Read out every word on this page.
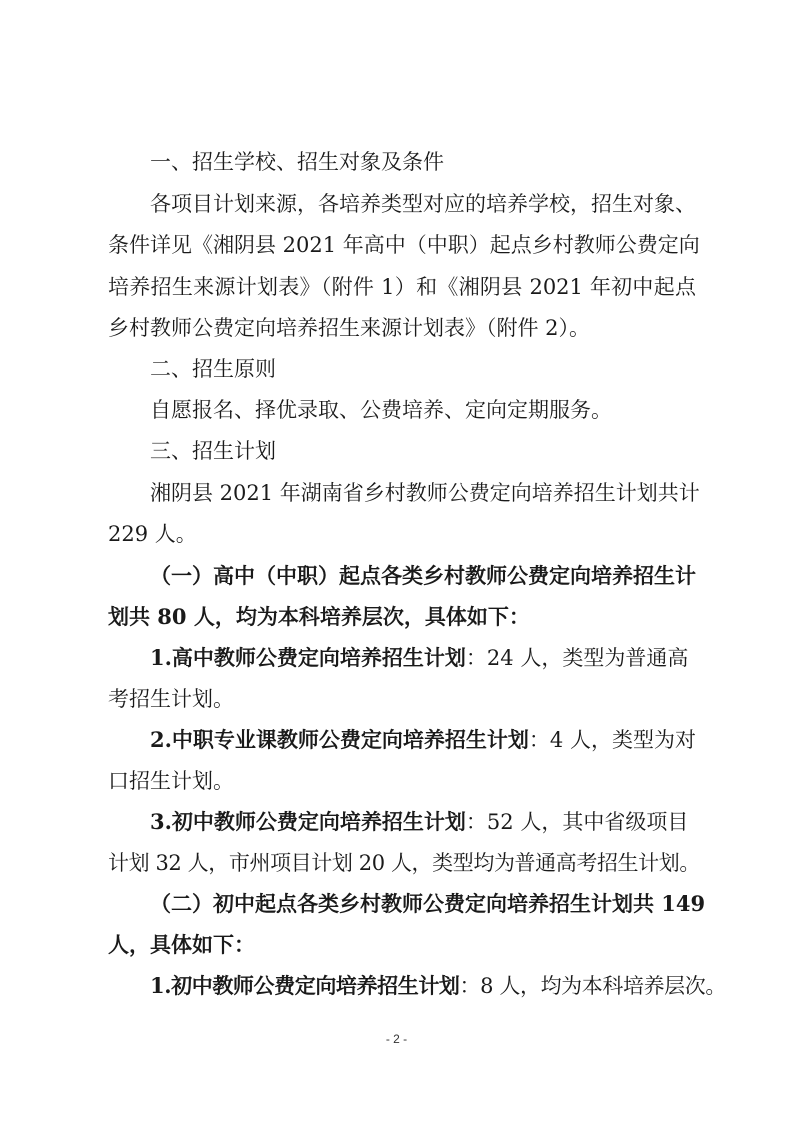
一、招生学校、招生对象及条件
各项目计划来源，各培养类型对应的培养学校，招生对象、
条件详见《湘阴县 2021 年高中（中职）起点乡村教师公费定向
培养招生来源计划表》（附件 1）和《湘阴县 2021 年初中起点
乡村教师公费定向培养招生来源计划表》（附件 2）。
二、招生原则
自愿报名、择优录取、公费培养、定向定期服务。
三、招生计划
湘阴县 2021 年湖南省乡村教师公费定向培养招生计划共计
229 人。
（一）高中（中职）起点各类乡村教师公费定向培养招生计
划共 80 人，均为本科培养层次，具体如下：
1.高中教师公费定向培养招生计划：24 人，类型为普通高
考招生计划。
2.中职专业课教师公费定向培养招生计划：4 人，类型为对
口招生计划。
3.初中教师公费定向培养招生计划：52 人，其中省级项目
计划 32 人，市州项目计划 20 人，类型均为普通高考招生计划。
（二）初中起点各类乡村教师公费定向培养招生计划共 149
人，具体如下：
1.初中教师公费定向培养招生计划：8 人，均为本科培养层次。
- 2 -
